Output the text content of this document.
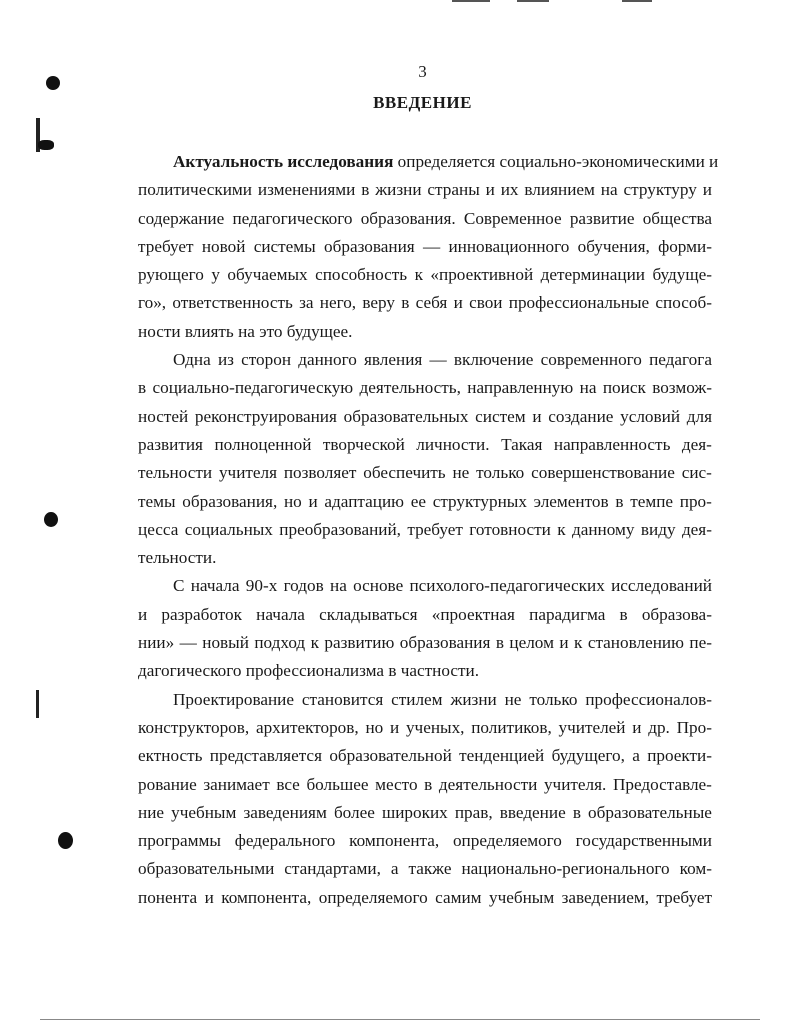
3
ВВЕДЕНИЕ
Актуальность исследования определяется социально-экономическими и
политическими изменениями в жизни страны и их влиянием на структуру и
содержание педагогического образования. Современное развитие общества
требует новой системы образования — инновационного обучения, форми-
рующего у обучаемых способность к «проективной детерминации будуще-
го», ответственность за него, веру в себя и свои профессиональные способ-
ности влиять на это будущее.
Одна из сторон данного явления — включение современного педагога
в социально-педагогическую деятельность, направленную на поиск возмож-
ностей реконструирования образовательных систем и создание условий для
развития полноценной творческой личности. Такая направленность дея-
тельности учителя позволяет обеспечить не только совершенствование сис-
темы образования, но и адаптацию ее структурных элементов в темпе про-
цесса социальных преобразований, требует готовности к данному виду дея-
тельности.
С начала 90-х годов на основе психолого-педагогических исследований
и разработок начала складываться «проектная парадигма в образова-
нии» — новый подход к развитию образования в целом и к становлению пе-
дагогического профессионализма в частности.
Проектирование становится стилем жизни не только профессионалов-
конструкторов, архитекторов, но и ученых, политиков, учителей и др. Про-
ектность представляется образовательной тенденцией будущего, а проекти-
рование занимает все большее место в деятельности учителя. Предоставле-
ние учебным заведениям более широких прав, введение в образовательные
программы федерального компонента, определяемого государственными
образовательными стандартами, а также национально-регионального ком-
понента и компонента, определяемого самим учебным заведением, требует
